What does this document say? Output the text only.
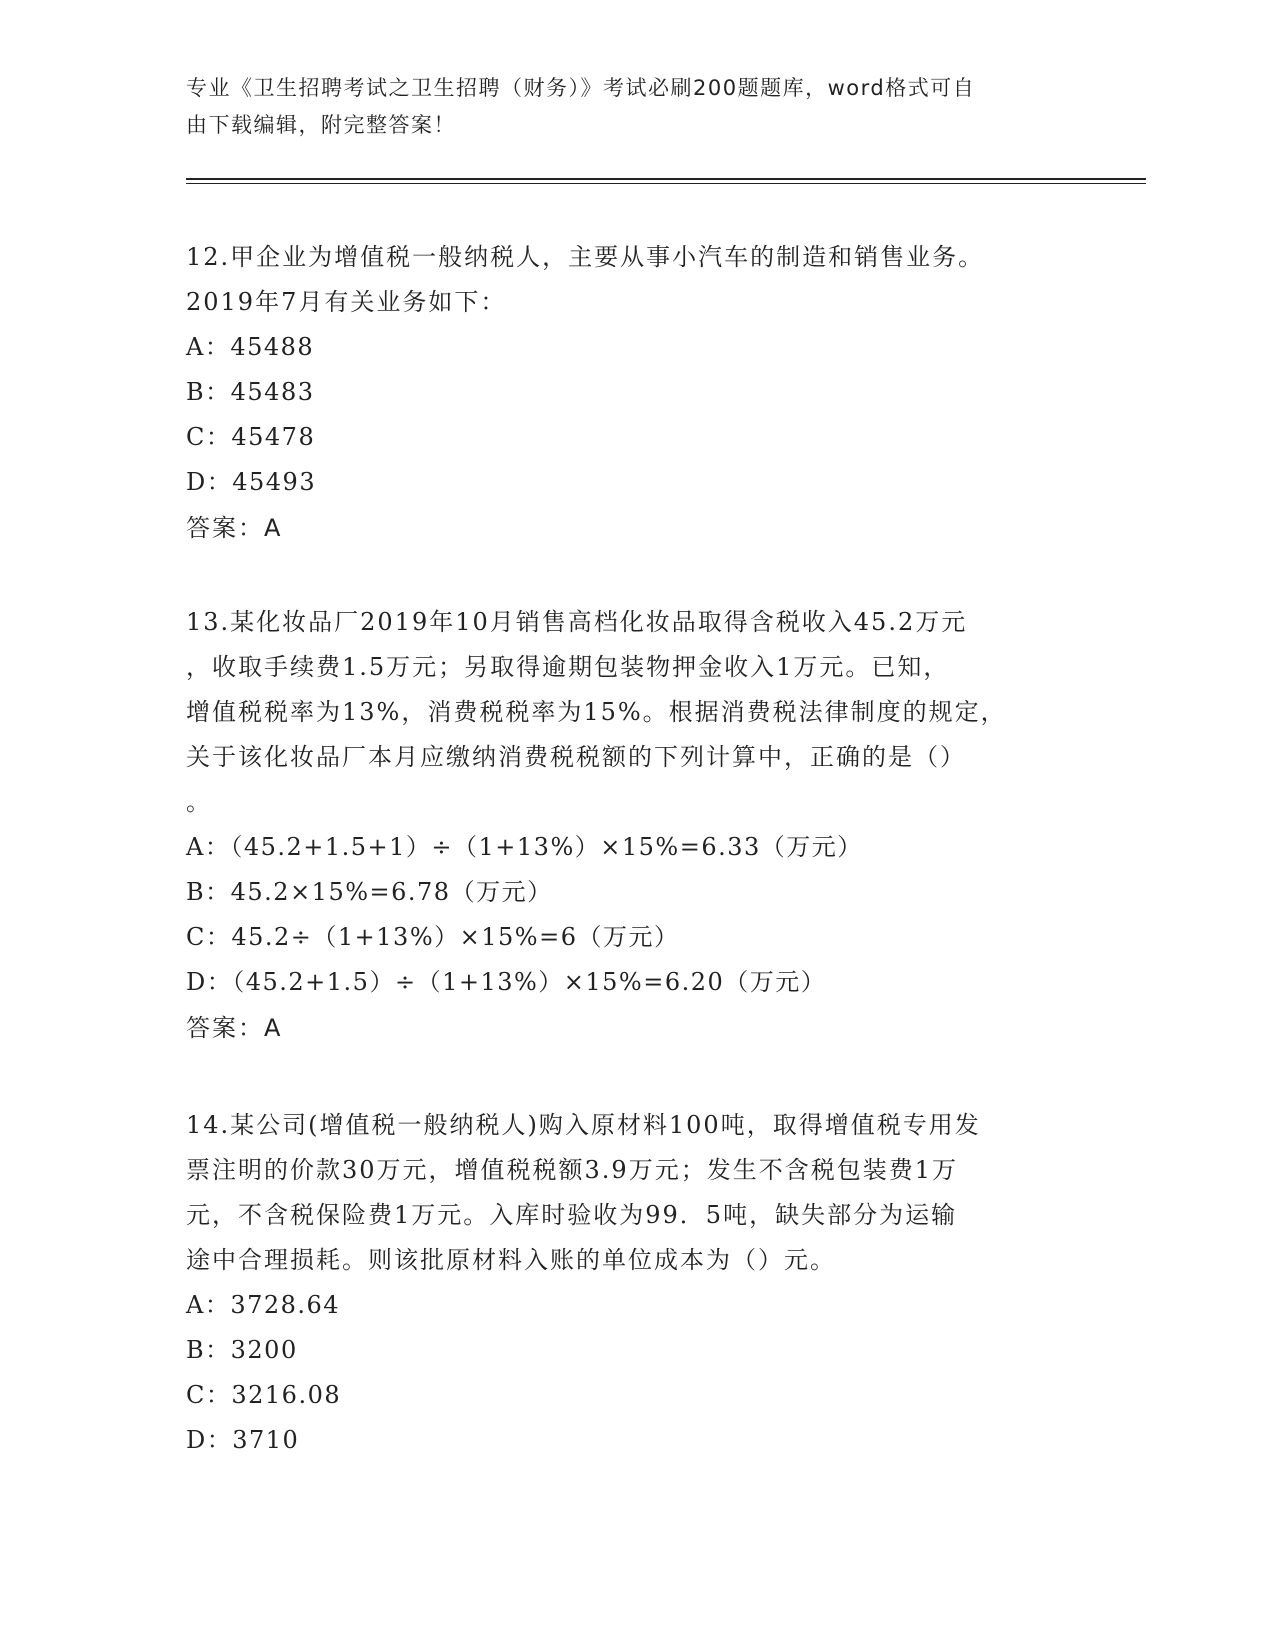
专业《卫生招聘考试之卫生招聘（财务）》考试必刷200题题库，word格式可自
由下载编辑，附完整答案！
12.甲企业为增值税一般纳税人，主要从事小汽车的制造和销售业务。
2019年7月有关业务如下：
A：45488
B：45483
C：45478
D：45493
答案：A
13.某化妆品厂2019年10月销售高档化妆品取得含税收入45.2万元
，收取手续费1.5万元；另取得逾期包装物押金收入1万元。已知，
增值税税率为13%，消费税税率为15%。根据消费税法律制度的规定，
关于该化妆品厂本月应缴纳消费税税额的下列计算中，正确的是（）
。
A：（45.2+1.5+1）÷（1+13%）×15%=6.33（万元）
B：45.2×15%=6.78（万元）
C：45.2÷（1+13%）×15%=6（万元）
D：（45.2+1.5）÷（1+13%）×15%=6.20（万元）
答案：A
14.某公司(增值税一般纳税人)购入原材料100吨，取得增值税专用发
票注明的价款30万元，增值税税额3.9万元；发生不含税包装费1万
元，不含税保险费1万元。入库时验收为99．5吨，缺失部分为运输
途中合理损耗。则该批原材料入账的单位成本为（）元。
A：3728.64
B：3200
C：3216.08
D：3710
